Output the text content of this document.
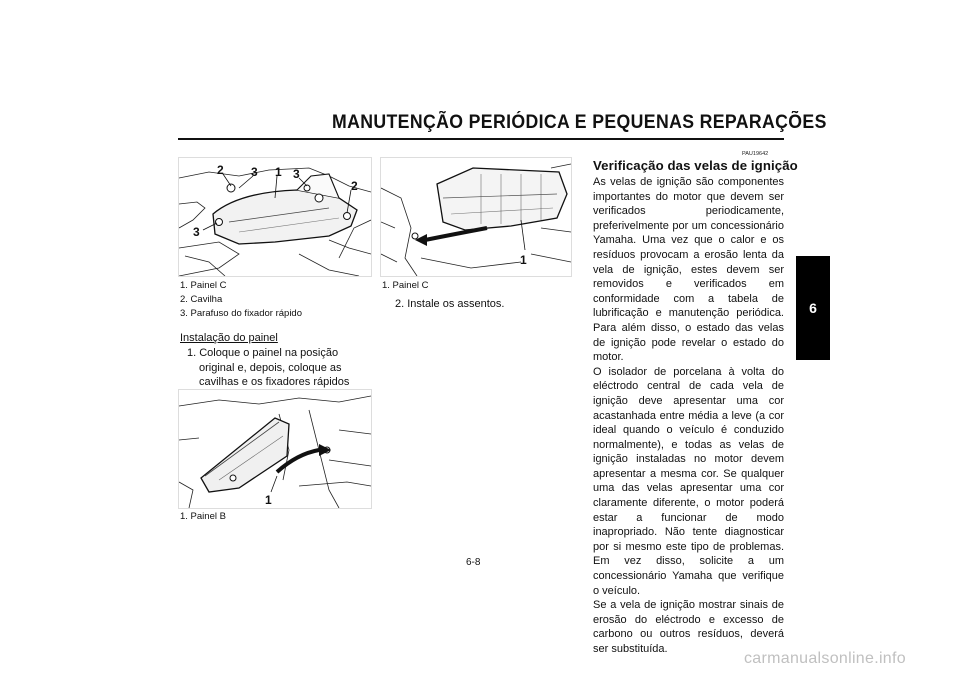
MANUTENÇÃO PERIÓDICA E PEQUENAS REPARAÇÕES
6
2 3 1 3
2
3
1. Painel C
2. Cavilha
3. Parafuso do fixador rápido
Instalação do painel
1. Coloque o painel na posição original e, depois, coloque as cavilhas e os fixadores rápidos
1
1. Painel B
1
1. Painel C
2. Instale os assentos.
PAU19642
Verificação das velas de ignição
As velas de ignição são componentes importantes do motor que devem ser verificados periodicamente, preferivelmente por um concessionário Yamaha. Uma vez que o calor e os resíduos provocam a erosão lenta da vela de ignição, estes devem ser removidos e verificados em conformidade com a tabela de lubrificação e manutenção periódica. Para além disso, o estado das velas de ignição pode revelar o estado do motor.
O isolador de porcelana à volta do eléctrodo central de cada vela de ignição deve apresentar uma cor acastanhada entre média a leve (a cor ideal quando o veículo é conduzido normalmente), e todas as velas de ignição instaladas no motor devem apresentar a mesma cor. Se qualquer uma das velas apresentar uma cor claramente diferente, o motor poderá estar a funcionar de modo inapropriado. Não tente diagnosticar por si mesmo este tipo de problemas. Em vez disso, solicite a um concessionário Yamaha que verifique o veículo.
Se a vela de ignição mostrar sinais de erosão do eléctrodo e excesso de carbono ou outros resíduos, deverá ser substituída.
6-8
carmanualsonline.info
